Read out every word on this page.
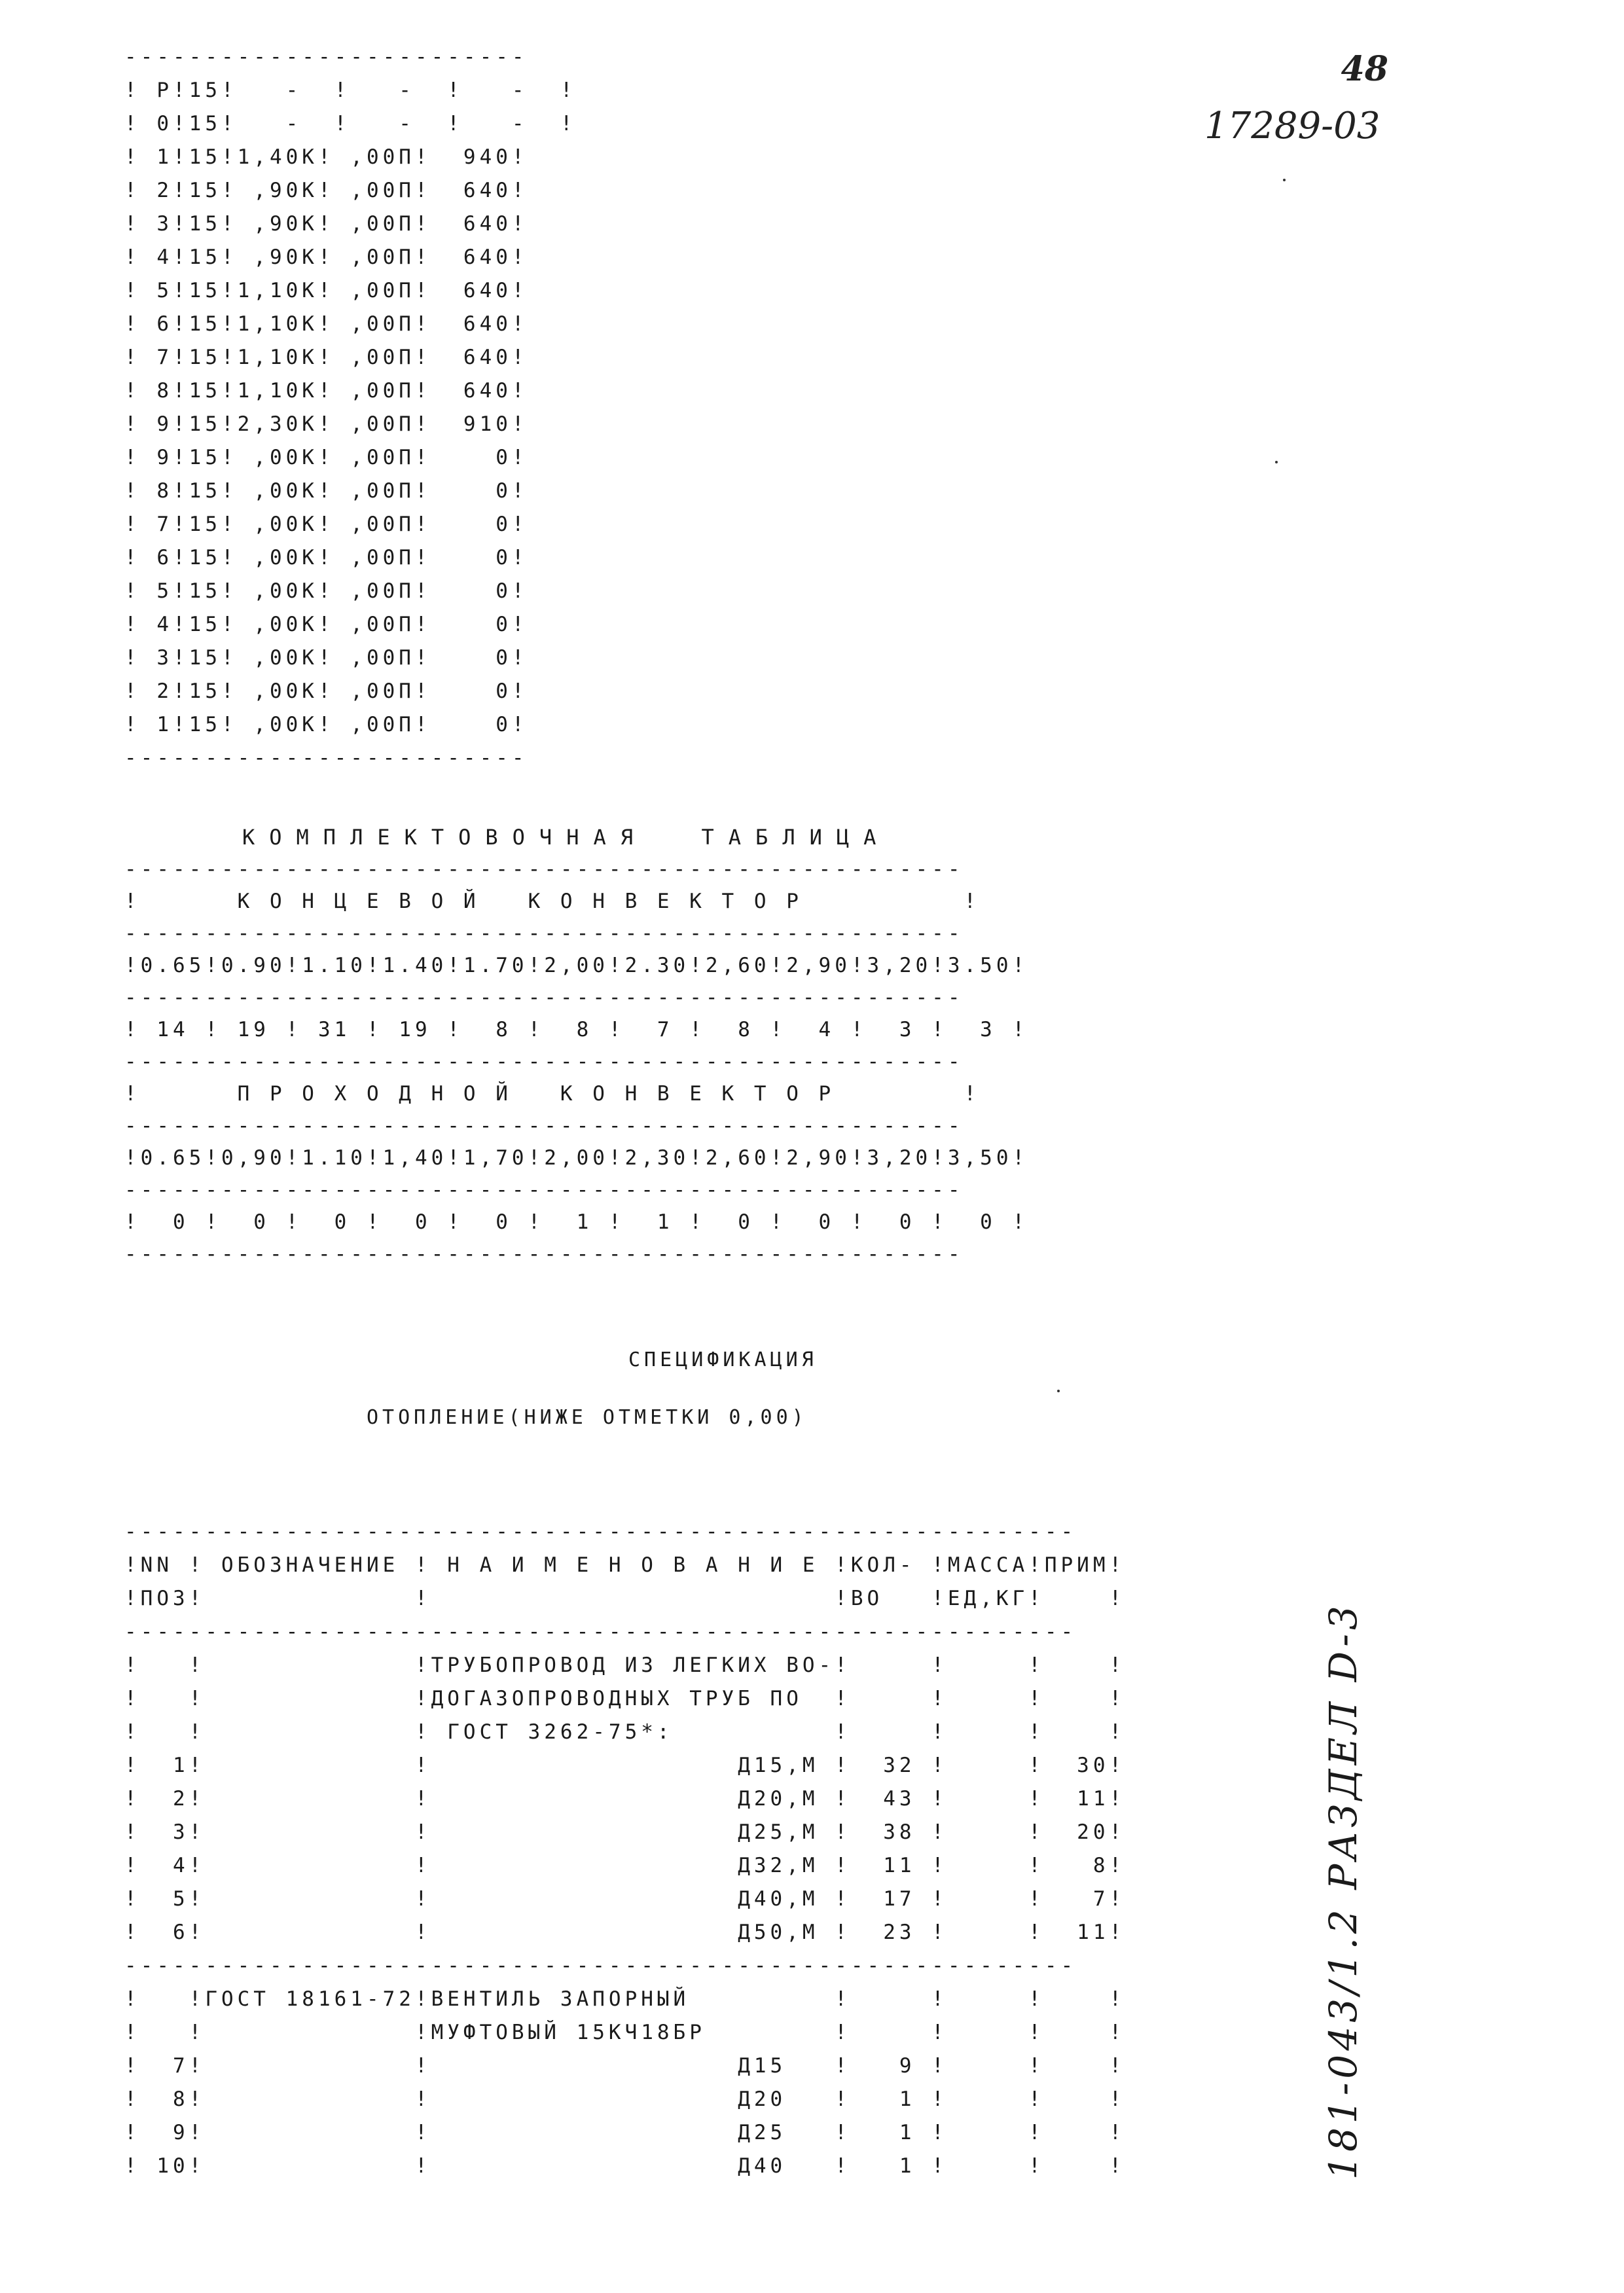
48
17289-03
-------------------------
! P!15!   -  !   -  !   -  !
! 0!15!   -  !   -  !   -  !
! 1!15!1,40K! ,00П!  940!
! 2!15! ,90K! ,00П!  640!
! 3!15! ,90K! ,00П!  640!
! 4!15! ,90K! ,00П!  640!
! 5!15!1,10K! ,00П!  640!
! 6!15!1,10K! ,00П!  640!
! 7!15!1,10K! ,00П!  640!
! 8!15!1,10K! ,00П!  640!
! 9!15!2,30K! ,00П!  910!
! 9!15! ,00K! ,00П!    0!
! 8!15! ,00K! ,00П!    0!
! 7!15! ,00K! ,00П!    0!
! 6!15! ,00K! ,00П!    0!
! 5!15! ,00K! ,00П!    0!
! 4!15! ,00K! ,00П!    0!
! 3!15! ,00K! ,00П!    0!
! 2!15! ,00K! ,00П!    0!
! 1!15! ,00K! ,00П!    0!
-------------------------
КОМПЛЕКТОВОЧНАЯ  ТАБЛИЦА

----------------------------------------------------
!      К О Н Ц Е В О Й   К О Н В Е К Т О Р          !
----------------------------------------------------
!0.65!0.90!1.10!1.40!1.70!2,00!2.30!2,60!2,90!3,20!3.50!
----------------------------------------------------
! 14 ! 19 ! 31 ! 19 !  8 !  8 !  7 !  8 !  4 !  3 !  3 !
----------------------------------------------------
!      П Р О Х О Д Н О Й   К О Н В Е К Т О Р        !
----------------------------------------------------
!0.65!0,90!1.10!1,40!1,70!2,00!2,30!2,60!2,90!3,20!3,50!
----------------------------------------------------
!  0 !  0 !  0 !  0 !  0 !  1 !  1 !  0 !  0 !  0 !  0 !
----------------------------------------------------
СПЕЦИФИКАЦИЯ
ОТОПЛЕНИЕ(НИЖЕ ОТМЕТКИ 0,00)
-----------------------------------------------------------
!NN ! ОБОЗНАЧЕНИЕ ! Н А И М Е Н О В А Н И Е !КОЛ- !МАССА!ПРИМ!
!ПОЗ!             !                         !ВО   !ЕД,КГ!    !
-----------------------------------------------------------
!   !             !ТРУБОПРОВОД ИЗ ЛЕГКИХ ВО-!     !     !    !
!   !             !ДОГАЗОПРОВОДНЫХ ТРУБ ПО  !     !     !    !
!   !             ! ГОСТ 3262-75*:          !     !     !    !
!  1!             !                   Д15,М !  32 !     !  30!
!  2!             !                   Д20,М !  43 !     !  11!
!  3!             !                   Д25,М !  38 !     !  20!
!  4!             !                   Д32,М !  11 !     !   8!
!  5!             !                   Д40,М !  17 !     !   7!
!  6!             !                   Д50,М !  23 !     !  11!
-----------------------------------------------------------
!   !ГОСТ 18161-72!ВЕНТИЛЬ ЗАПОРНЫЙ         !     !     !    !
!   !             !МУФТОВЫЙ 15КЧ18БР        !     !     !    !
!  7!             !                   Д15   !   9 !     !    !
!  8!             !                   Д20   !   1 !     !    !
!  9!             !                   Д25   !   1 !     !    !
! 10!             !                   Д40   !   1 !     !    !	181-043/1.2 РАЗДЕЛ D-3
